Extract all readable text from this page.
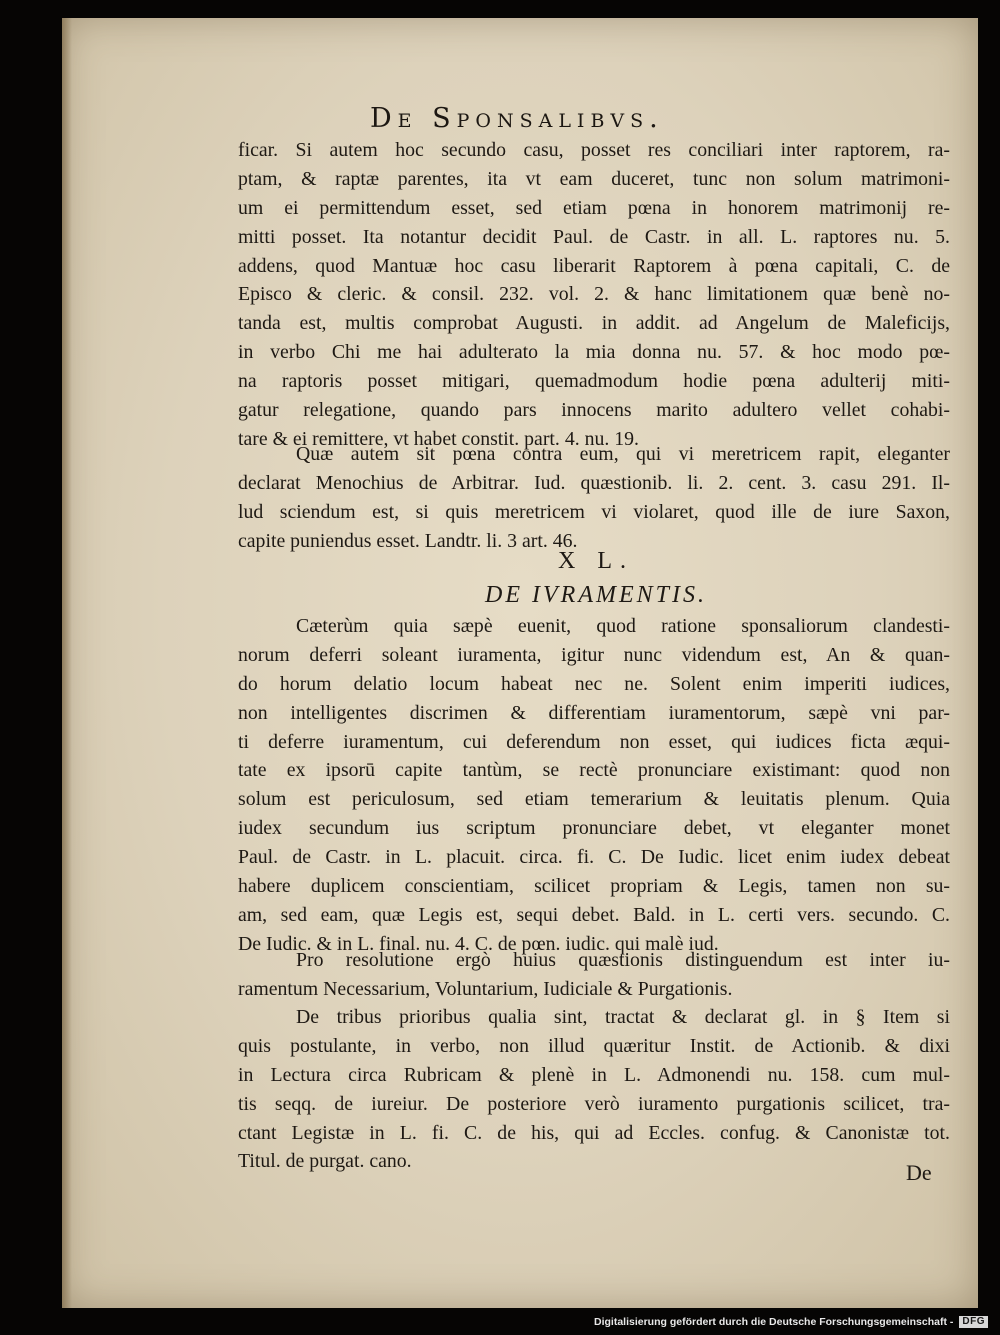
De Sponsalibvs.
ficar. Si autem hoc secundo casu, posset res conciliari inter raptorem, ra-
ptam, & raptæ parentes, ita vt eam duceret, tunc non solum matrimoni-
um ei permittendum esset, sed etiam pœna in honorem matrimonij re-
mitti posset. Ita notantur decidit Paul. de Castr. in all. L. raptores nu. 5.
addens, quod Mantuæ hoc casu liberarit Raptorem à pœna capitali, C. de
Episco & cleric. & consil. 232. vol. 2. & hanc limitationem quæ benè no-
tanda est, multis comprobat Augusti. in addit. ad Angelum de Maleficijs,
in verbo Chi me hai adulterato la mia donna nu. 57. & hoc modo pœ-
na raptoris posset mitigari, quemadmodum hodie pœna adulterij miti-
gatur relegatione, quando pars innocens marito adultero vellet cohabi-
tare & ei remittere, vt habet constit. part. 4. nu. 19.
Quæ autem sit pœna contra eum, qui vi meretricem rapit, eleganter
declarat Menochius de Arbitrar. Iud. quæstionib. li. 2. cent. 3. casu 291. Il-
lud sciendum est, si quis meretricem vi violaret, quod ille de iure Saxon,
capite puniendus esset. Landtr. li. 3 art. 46.
X L.
DE IVRAMENTIS.
Cæterùm quia sæpè euenit, quod ratione sponsaliorum clandesti-
norum deferri soleant iuramenta, igitur nunc videndum est, An & quan-
do horum delatio locum habeat nec ne. Solent enim imperiti iudices,
non intelligentes discrimen & differentiam iuramentorum, sæpè vni par-
ti deferre iuramentum, cui deferendum non esset, qui iudices ficta æqui-
tate ex ipsorū capite tantùm, se rectè pronunciare existimant: quod non
solum est periculosum, sed etiam temerarium & leuitatis plenum. Quia
iudex secundum ius scriptum pronunciare debet, vt eleganter monet
Paul. de Castr. in L. placuit. circa. fi. C. De Iudic. licet enim iudex debeat
habere duplicem conscientiam, scilicet propriam & Legis, tamen non su-
am, sed eam, quæ Legis est, sequi debet. Bald. in L. certi vers. secundo. C.
De Iudic. & in L. final. nu. 4. C. de pœn. iudic. qui malè iud.
Pro resolutione ergò huius quæstionis distinguendum est inter iu-
ramentum Necessarium, Voluntarium, Iudiciale & Purgationis.
De tribus prioribus qualia sint, tractat & declarat gl. in § Item si
quis postulante, in verbo, non illud quæritur Instit. de Actionib. & dixi
in Lectura circa Rubricam & plenè in L. Admonendi nu. 158. cum mul-
tis seqq. de iureiur. De posteriore verò iuramento purgationis scilicet, tra-
ctant Legistæ in L. fi. C. de his, qui ad Eccles. confug. & Canonistæ tot.
Titul. de purgat. cano.	De
Digitalisierung gefördert durch die Deutsche Forschungsgemeinschaft - DFG
